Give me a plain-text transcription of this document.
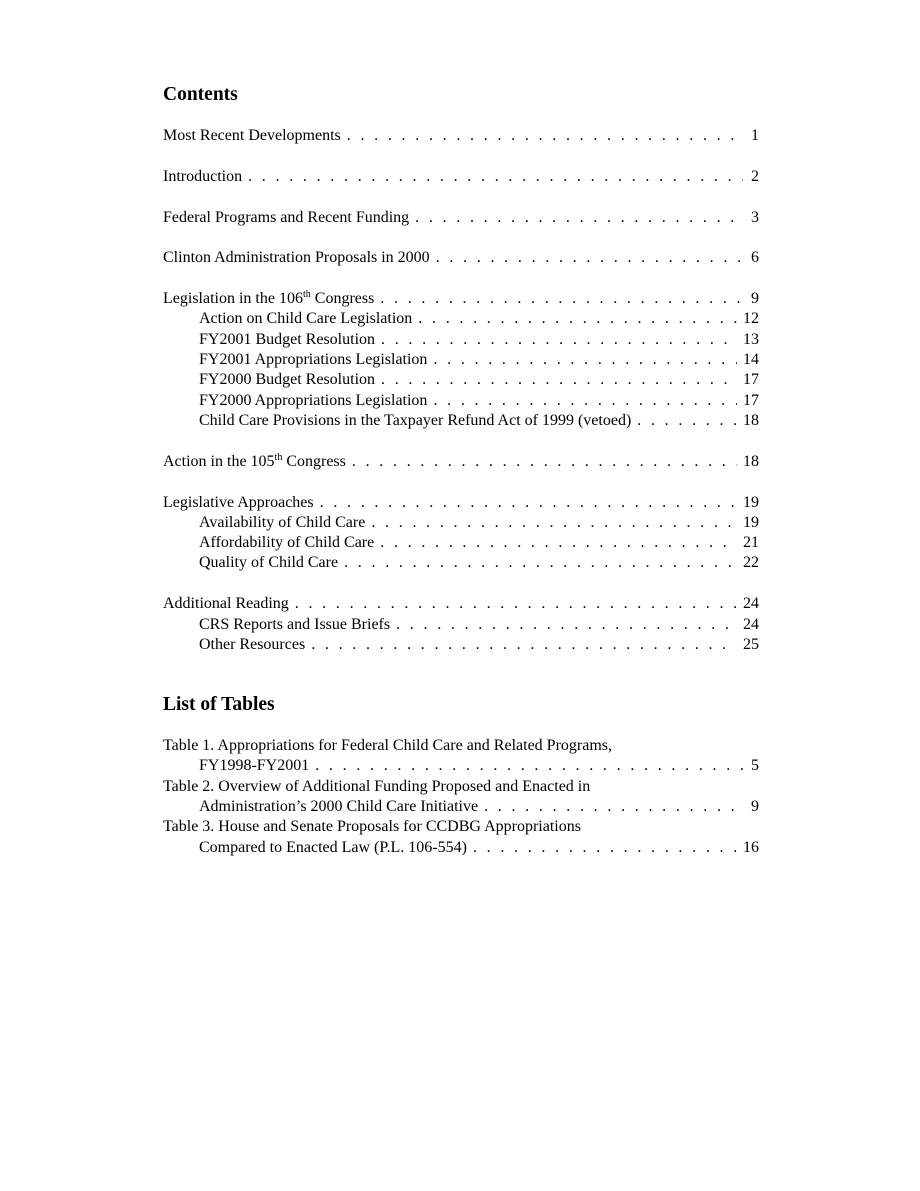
Contents
Most Recent Developments . . .	1
Introduction . . .	2
Federal Programs and Recent Funding . . .	3
Clinton Administration Proposals in 2000 . . .	6
Legislation in the 106th Congress . . .	9
Action on Child Care Legislation . . .	12
FY2001 Budget Resolution . . .	13
FY2001 Appropriations Legislation . . .	14
FY2000 Budget Resolution . . .	17
FY2000 Appropriations Legislation . . .	17
Child Care Provisions in the Taxpayer Refund Act of 1999 (vetoed) . . .	18
Action in the 105th Congress . . .	18
Legislative Approaches . . .	19
Availability of Child Care . . .	19
Affordability of Child Care . . .	21
Quality of Child Care . . .	22
Additional Reading . . .	24
CRS Reports and Issue Briefs . . .	24
Other Resources . . .	25
List of Tables
Table 1. Appropriations for Federal Child Care and Related Programs,
FY1998-FY2001 . . .	5
Table 2. Overview of Additional Funding Proposed and Enacted in
Administration’s 2000 Child Care Initiative . . .	9
Table 3. House and Senate Proposals for CCDBG Appropriations
Compared to Enacted Law (P.L. 106-554) . . .	16
